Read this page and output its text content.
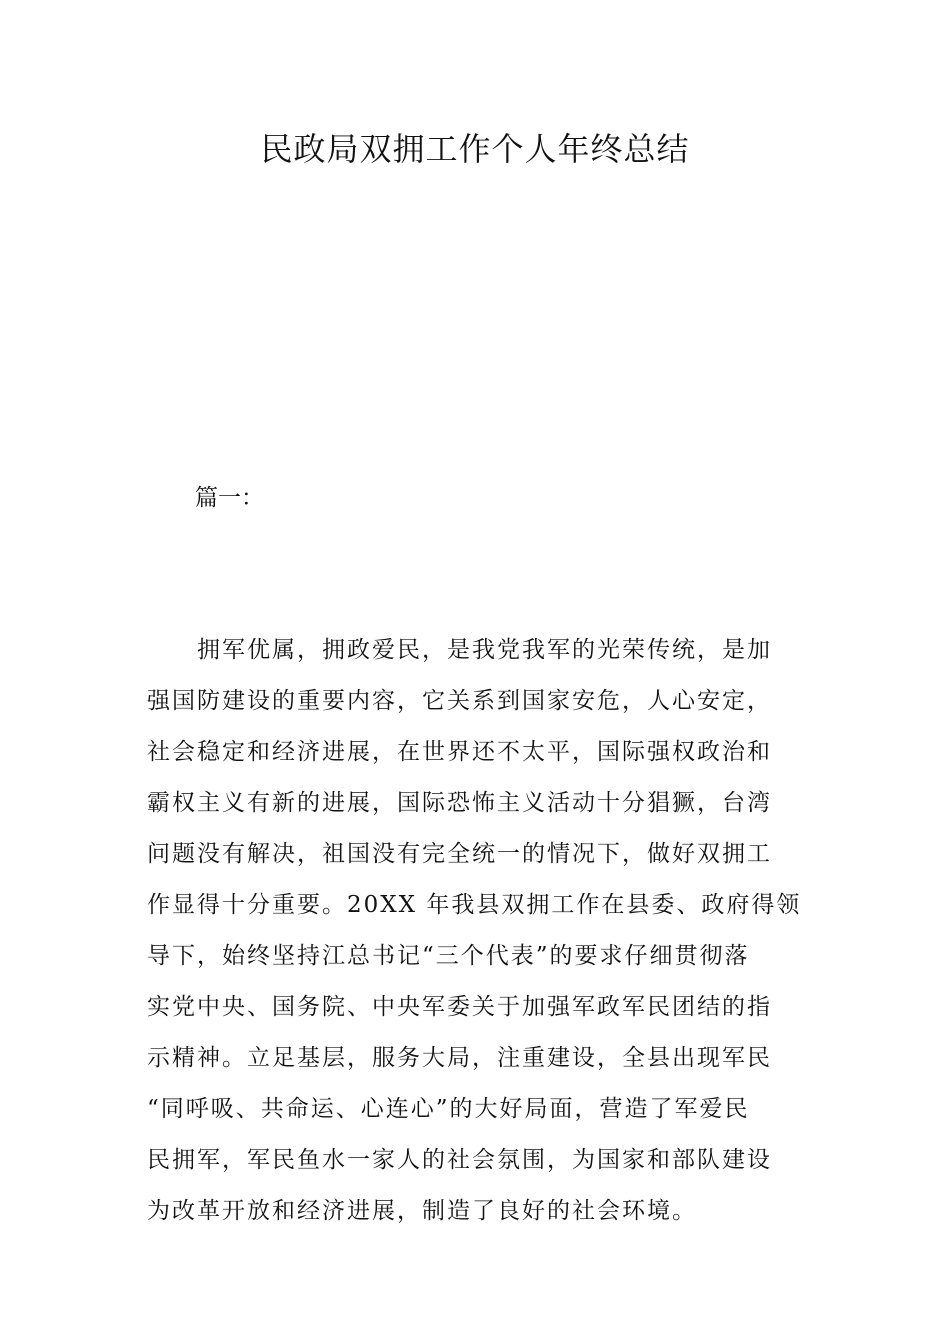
民政局双拥工作个人年终总结
篇一：
拥军优属，拥政爱民，是我党我军的光荣传统，是加
强国防建设的重要内容，它关系到国家安危，人心安定，
社会稳定和经济进展，在世界还不太平，国际强权政治和
霸权主义有新的进展，国际恐怖主义活动十分猖獗，台湾
问题没有解决，祖国没有完全统一的情况下，做好双拥工
作显得十分重要。20XX 年我县双拥工作在县委、政府得领
导下，始终坚持江总书记“三个代表”的要求仔细贯彻落
实党中央、国务院、中央军委关于加强军政军民团结的指
示精神。立足基层，服务大局，注重建设，全县出现军民
“同呼吸、共命运、心连心”的大好局面，营造了军爱民
民拥军，军民鱼水一家人的社会氛围，为国家和部队建设
为改革开放和经济进展，制造了良好的社会环境。
